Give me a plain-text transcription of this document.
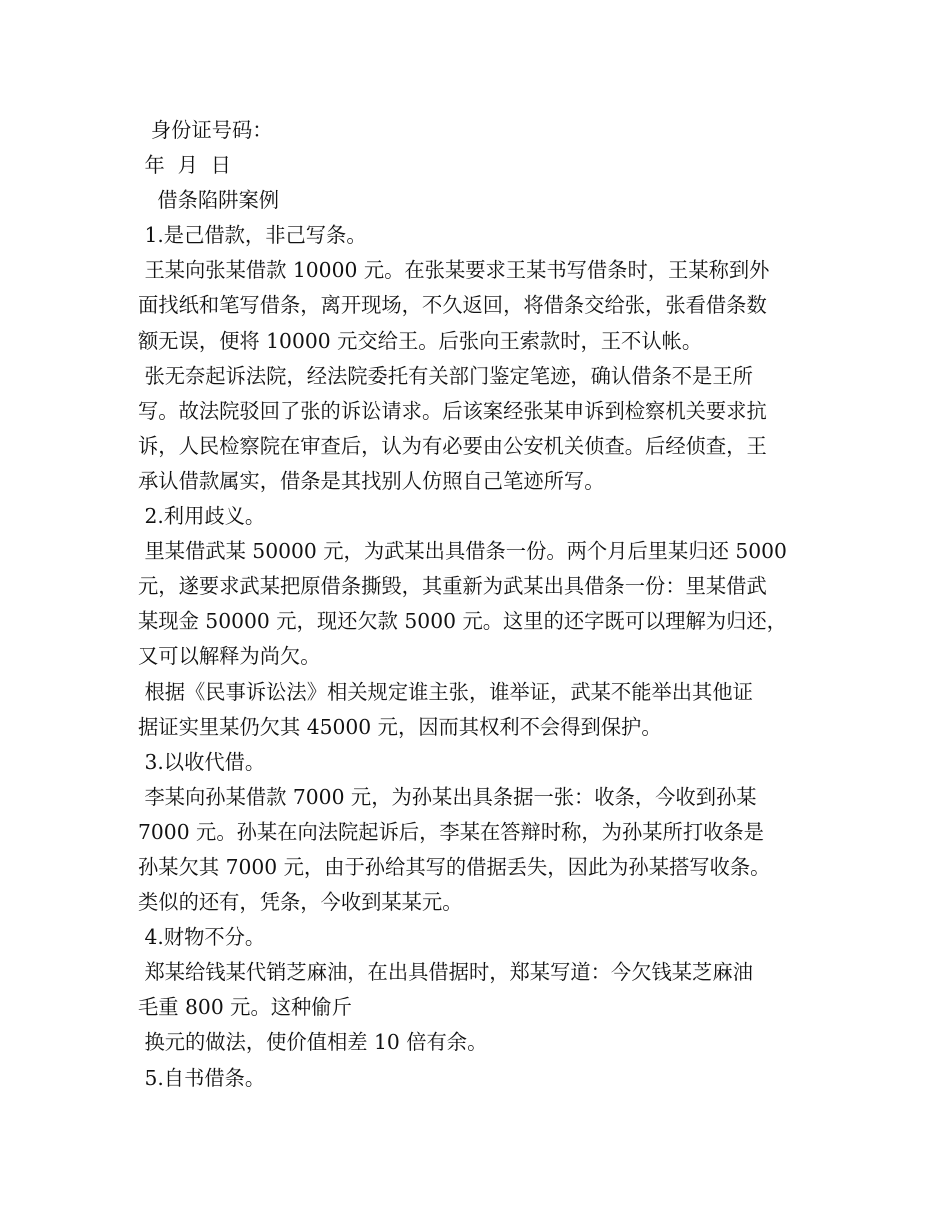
身份证号码：
年  月  日
借条陷阱案例
1.是己借款，非己写条。
王某向张某借款 10000 元。在张某要求王某书写借条时，王某称到外
面找纸和笔写借条，离开现场，不久返回，将借条交给张，张看借条数
额无误，便将 10000 元交给王。后张向王索款时，王不认帐。
张无奈起诉法院，经法院委托有关部门鉴定笔迹，确认借条不是王所
写。故法院驳回了张的诉讼请求。后该案经张某申诉到检察机关要求抗
诉，人民检察院在审查后，认为有必要由公安机关侦查。后经侦查，王
承认借款属实，借条是其找别人仿照自己笔迹所写。
2.利用歧义。
里某借武某 50000 元，为武某出具借条一份。两个月后里某归还 5000
元，遂要求武某把原借条撕毁，其重新为武某出具借条一份：里某借武
某现金 50000 元，现还欠款 5000 元。这里的还字既可以理解为归还，
又可以解释为尚欠。
根据《民事诉讼法》相关规定谁主张，谁举证，武某不能举出其他证
据证实里某仍欠其 45000 元，因而其权利不会得到保护。
3.以收代借。
李某向孙某借款 7000 元，为孙某出具条据一张：收条，今收到孙某
7000 元。孙某在向法院起诉后，李某在答辩时称，为孙某所打收条是
孙某欠其 7000 元，由于孙给其写的借据丢失，因此为孙某搭写收条。
类似的还有，凭条，今收到某某元。
4.财物不分。
郑某给钱某代销芝麻油，在出具借据时，郑某写道：今欠钱某芝麻油
毛重 800 元。这种偷斤
换元的做法，使价值相差 10 倍有余。
5.自书借条。
